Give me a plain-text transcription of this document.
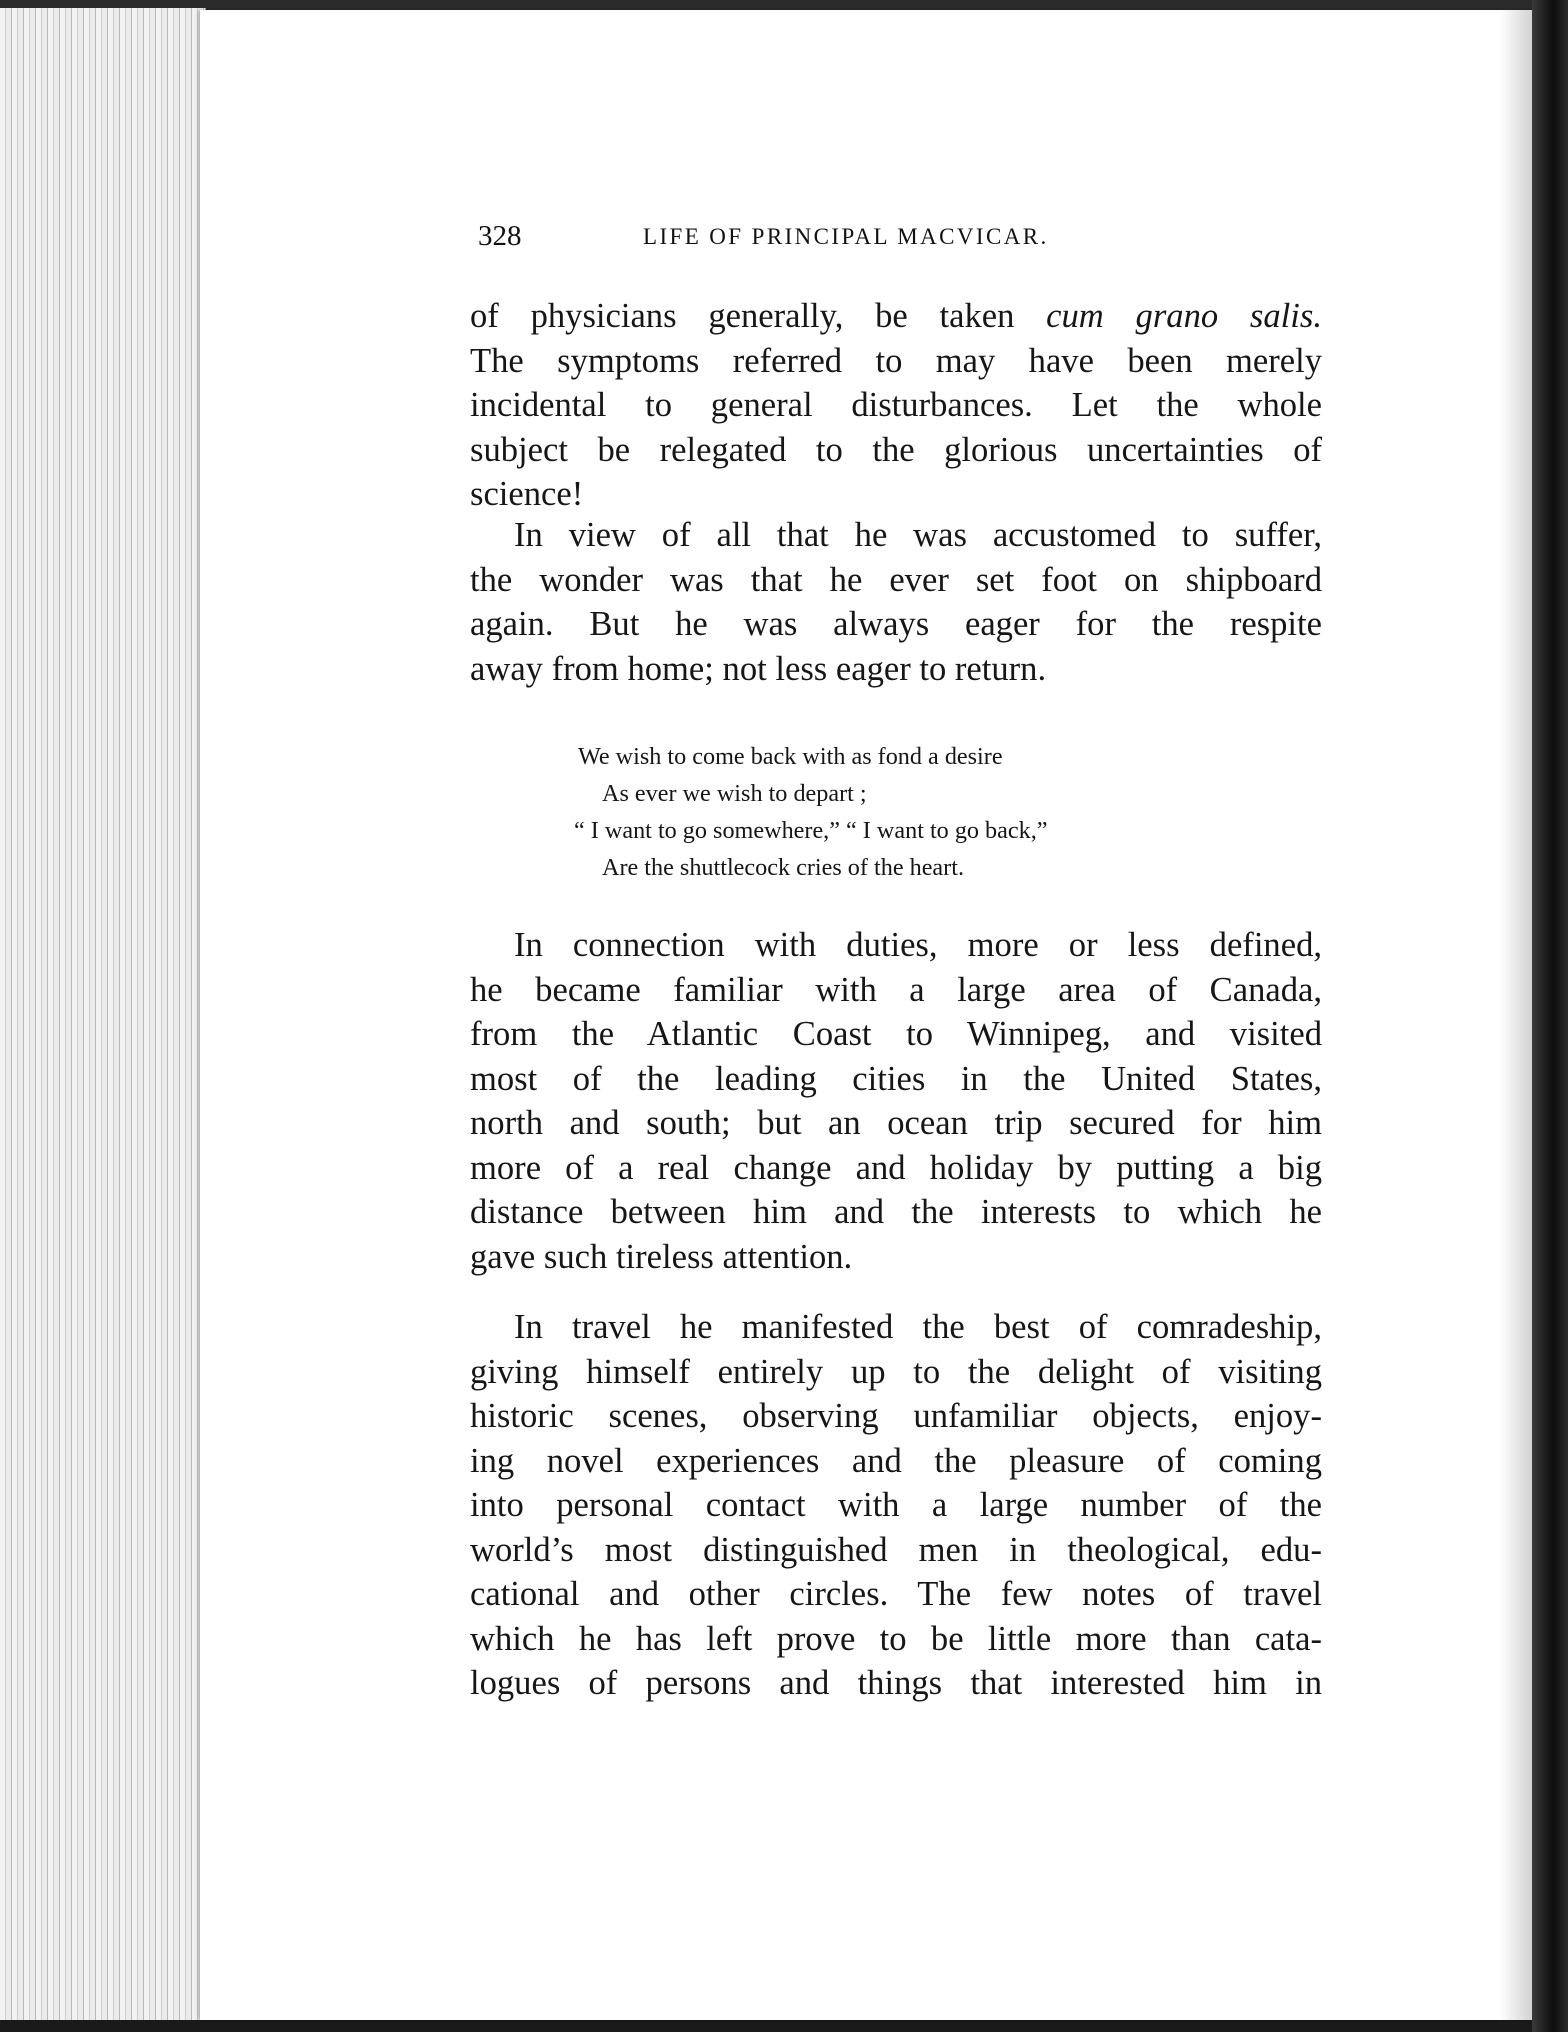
328	LIFE OF PRINCIPAL MACVICAR.
of physicians generally, be taken cum grano salis.
The symptoms referred to may have been merely
incidental to general disturbances. Let the whole
subject be relegated to the glorious uncertainties of
science!
In view of all that he was accustomed to suffer,
the wonder was that he ever set foot on shipboard
again. But he was always eager for the respite
away from home; not less eager to return.
We wish to come back with as fond a desire
As ever we wish to depart ;
“ I want to go somewhere,” “ I want to go back,”
Are the shuttlecock cries of the heart.
In connection with duties, more or less defined,
he became familiar with a large area of Canada,
from the Atlantic Coast to Winnipeg, and visited
most of the leading cities in the United States,
north and south; but an ocean trip secured for him
more of a real change and holiday by putting a big
distance between him and the interests to which he
gave such tireless attention.
In travel he manifested the best of comradeship,
giving himself entirely up to the delight of visiting
historic scenes, observing unfamiliar objects, enjoy-
ing novel experiences and the pleasure of coming
into personal contact with a large number of the
world’s most distinguished men in theological, edu-
cational and other circles. The few notes of travel
which he has left prove to be little more than cata-
logues of persons and things that interested him in
